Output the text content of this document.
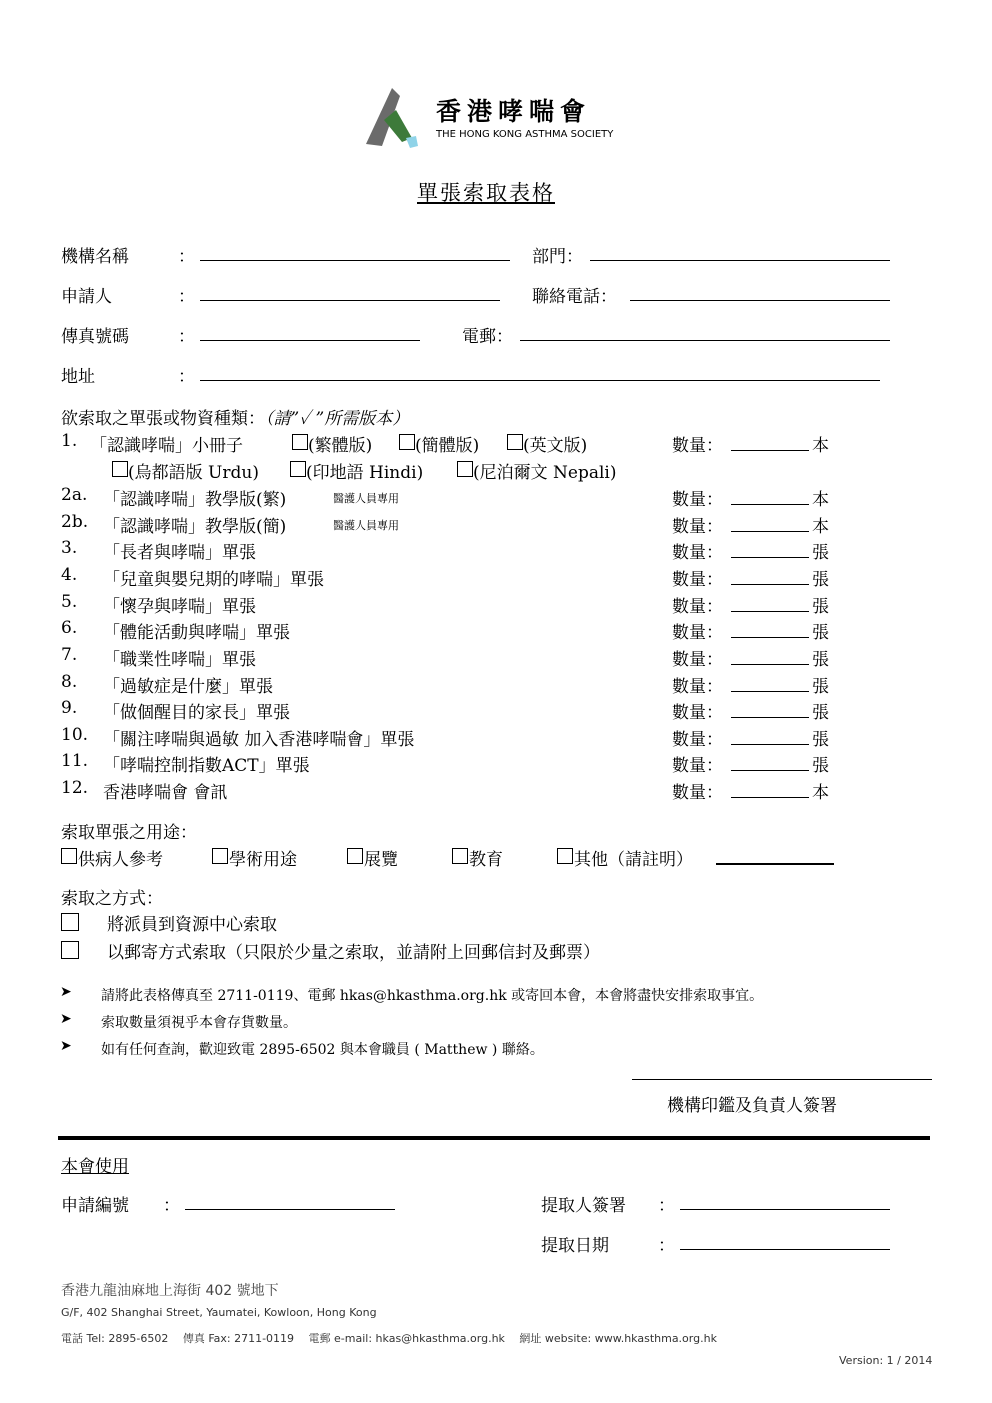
香港哮喘會
THE HONG KONG ASTHMA SOCIETY
單張索取表格
機構名稱	：	部門：
申請人	：	聯絡電話：
傳真號碼	：	電郵：
地址	：
欲索取之單張或物資種類：（請”✓ ”所需版本）
1. 「認識哮喘」小冊子	(繁體版)	(簡體版)	(英文版)	數量：	本
(烏都語版 Urdu)	(印地語 Hindi)	(尼泊爾文 Nepali)
2a. 「認識哮喘」教學版(繁)	醫護人員專用	數量：	本
2b. 「認識哮喘」教學版(簡)	醫護人員專用	數量：	本
3. 「長者與哮喘」單張	數量：	張
4. 「兒童與嬰兒期的哮喘」單張	數量：	張
5. 「懷孕與哮喘」單張	數量：	張
6. 「體能活動與哮喘」單張	數量：	張
7. 「職業性哮喘」單張	數量：	張
8. 「過敏症是什麼」單張	數量：	張
9. 「做個醒目的家長」單張	數量：	張
10. 「關注哮喘與過敏 加入香港哮喘會」單張	數量：	張
11. 「哮喘控制指數ACT」單張	數量：	張
12. 香港哮喘會 會訊	數量：	本
索取單張之用途：
供病人參考	學術用途	展覽	教育	其他（請註明）
索取之方式：
將派員到資源中心索取
以郵寄方式索取（只限於少量之索取，並請附上回郵信封及郵票）
➤ 請將此表格傳真至 2711-0119、電郵 hkas@hkasthma.org.hk 或寄回本會，本會將盡快安排索取事宜。
➤ 索取數量須視乎本會存貨數量。
➤ 如有任何查詢，歡迎致電 2895-6502 與本會職員 ( Matthew ) 聯絡。
機構印鑑及負責人簽署
本會使用
申請編號 ：	提取人簽署 ：
提取日期	：
香港九龍油麻地上海街 402 號地下
G/F, 402 Shanghai Street, Yaumatei, Kowloon, Hong Kong
電話 Tel: 2895-6502　 傳真 Fax: 2711-0119　 電郵 e-mail: hkas@hkasthma.org.hk　 網址 website: www.hkasthma.org.hk
Version: 1 / 2014
